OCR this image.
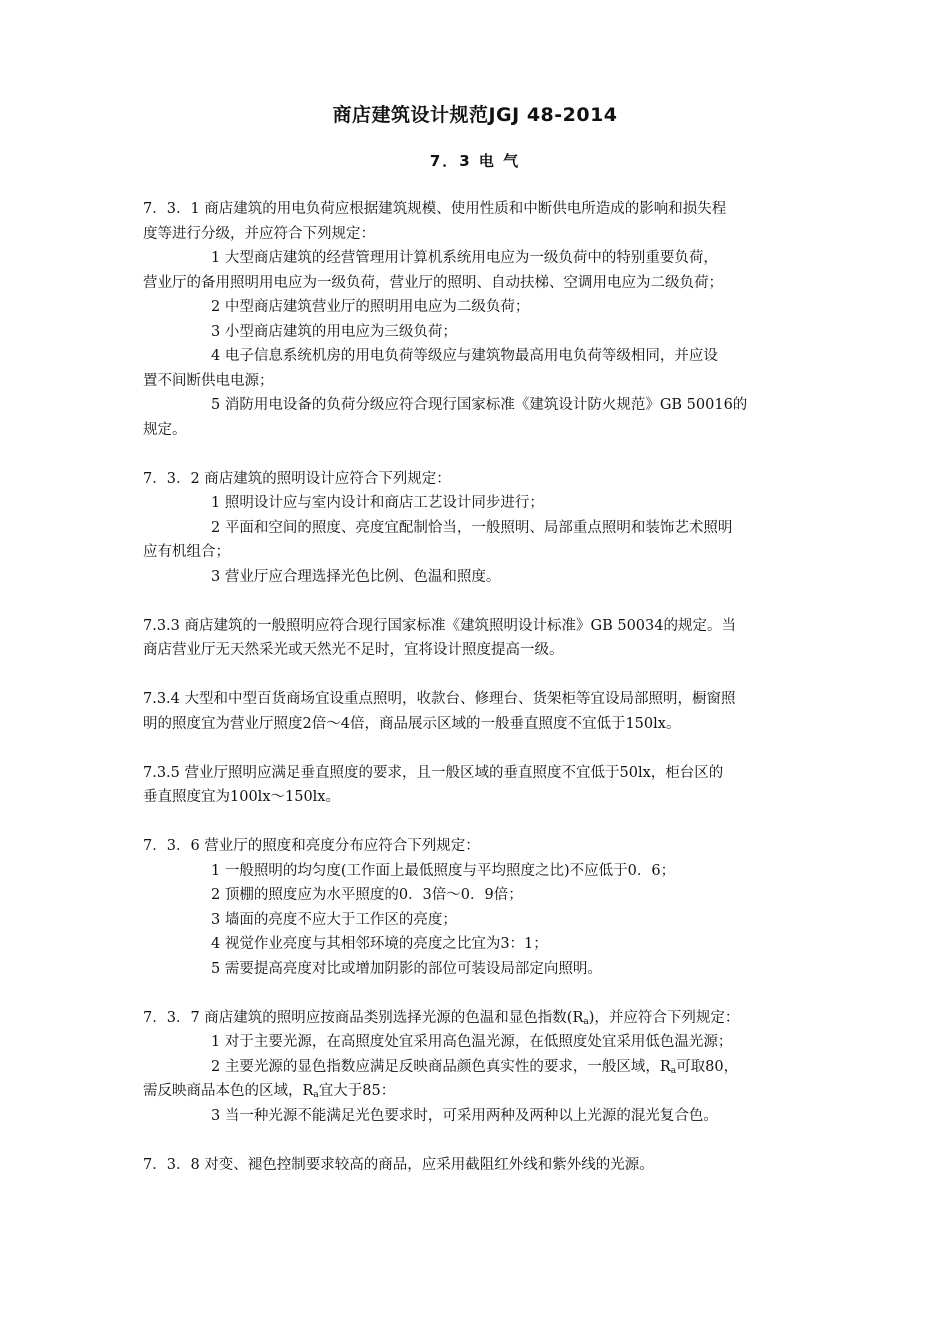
商店建筑设计规范JGJ 48-2014
7．3 电 气
7．3．1 商店建筑的用电负荷应根据建筑规模、使用性质和中断供电所造成的影响和损失程
度等进行分级，并应符合下列规定：
1 大型商店建筑的经营管理用计算机系统用电应为一级负荷中的特别重要负荷，
营业厅的备用照明用电应为一级负荷，营业厅的照明、自动扶梯、空调用电应为二级负荷；
2 中型商店建筑营业厅的照明用电应为二级负荷；
3 小型商店建筑的用电应为三级负荷；
4 电子信息系统机房的用电负荷等级应与建筑物最高用电负荷等级相同，并应设
置不间断供电电源；
5 消防用电设备的负荷分级应符合现行国家标准《建筑设计防火规范》GB 50016的
规定。
7．3．2 商店建筑的照明设计应符合下列规定：
1 照明设计应与室内设计和商店工艺设计同步进行；
2 平面和空间的照度、亮度宜配制恰当，一般照明、局部重点照明和装饰艺术照明
应有机组合；
3 营业厅应合理选择光色比例、色温和照度。
7.3.3 商店建筑的一般照明应符合现行国家标准《建筑照明设计标准》GB 50034的规定。当
商店营业厅无天然采光或天然光不足时，宜将设计照度提高一级。
7.3.4 大型和中型百货商场宜设重点照明，收款台、修理台、货架柜等宜设局部照明，橱窗照
明的照度宜为营业厅照度2倍～4倍，商品展示区域的一般垂直照度不宜低于150lx。
7.3.5 营业厅照明应满足垂直照度的要求，且一般区域的垂直照度不宜低于50lx，柜台区的
垂直照度宜为100lx～150lx。
7．3．6 营业厅的照度和亮度分布应符合下列规定：
1 一般照明的均匀度(工作面上最低照度与平均照度之比)不应低于0．6；
2 顶棚的照度应为水平照度的0．3倍～0．9倍；
3 墙面的亮度不应大于工作区的亮度；
4 视觉作业亮度与其相邻环境的亮度之比宜为3：1；
5 需要提高亮度对比或增加阴影的部位可装设局部定向照明。
7．3．7 商店建筑的照明应按商品类别选择光源的色温和显色指数$(R_a)$，并应符合下列规定：
1 对于主要光源，在高照度处宜采用高色温光源，在低照度处宜采用低色温光源；
2 主要光源的显色指数应满足反映商品颜色真实性的要求，一般区域，$R_a$可取80，
需反映商品本色的区域，$R_a$宜大于85：
3 当一种光源不能满足光色要求时，可采用两种及两种以上光源的混光复合色。
7．3．8 对变、褪色控制要求较高的商品，应采用截阻红外线和紫外线的光源。
